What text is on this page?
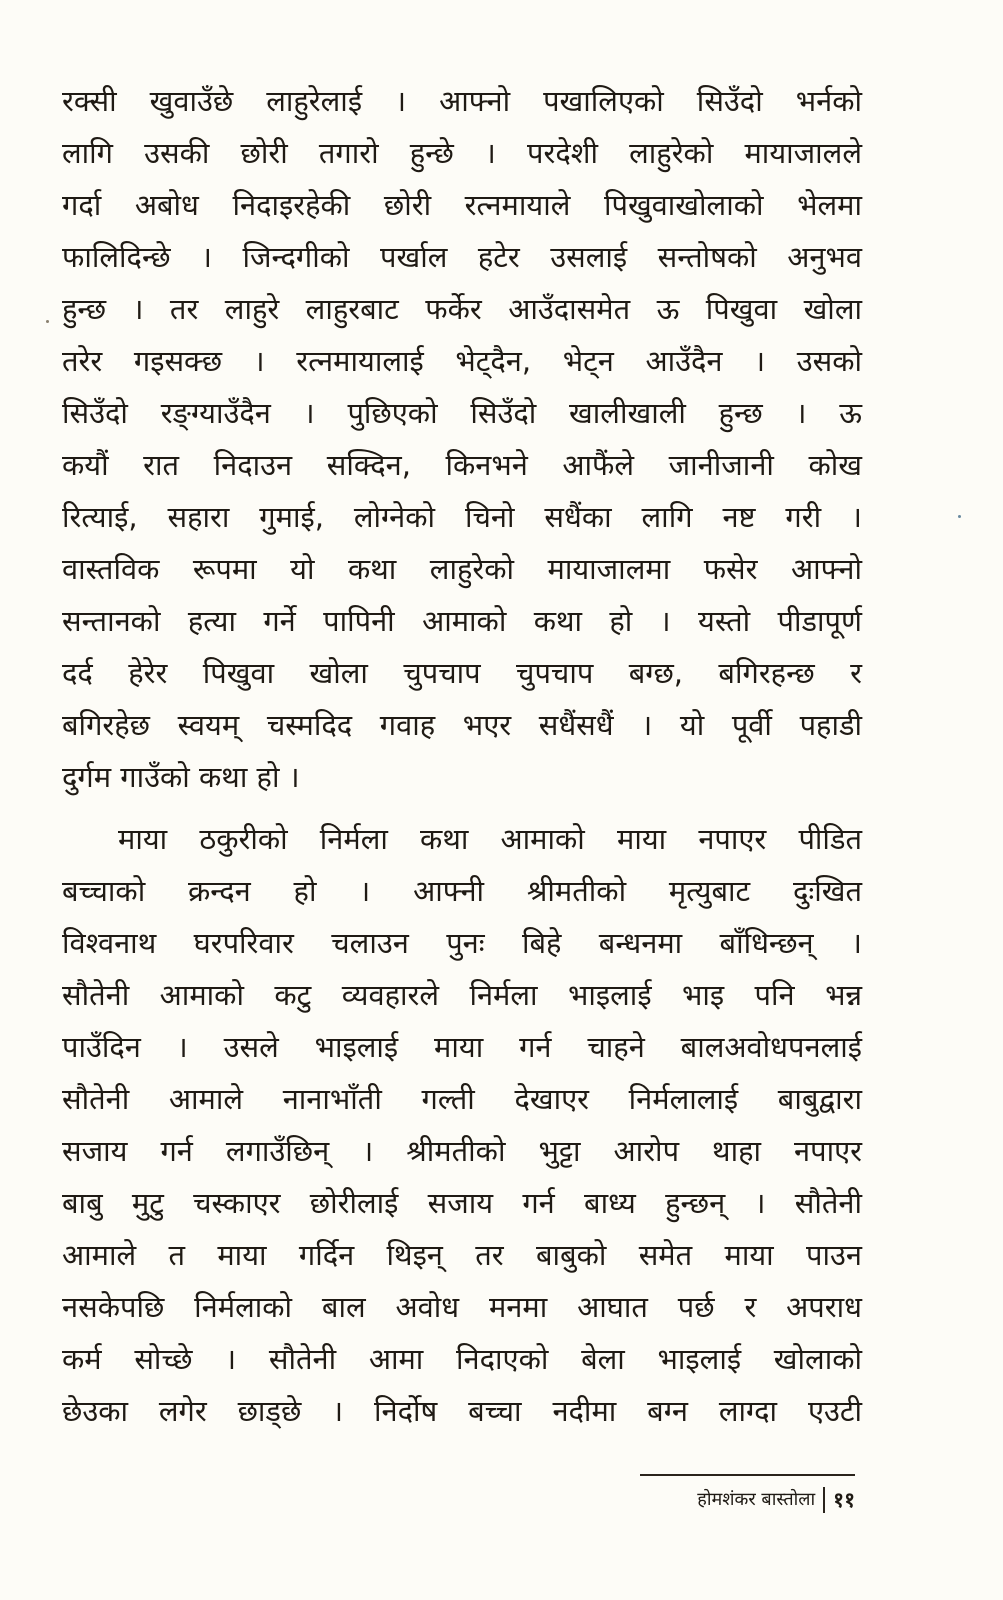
रक्सी खुवाउँछे लाहुरेलाई । आफ्नो पखालिएको सिउँदो भर्नको
लागि उसकी छोरी तगारो हुन्छे । परदेशी लाहुरेको मायाजालले
गर्दा अबोध निदाइरहेकी छोरी रत्नमायाले पिखुवाखोलाको भेलमा
फालिदिन्छे । जिन्दगीको पर्खाल हटेर उसलाई सन्तोषको अनुभव
हुन्छ । तर लाहुरे लाहुरबाट फर्केर आउँदासमेत ऊ पिखुवा खोला
तरेर गइसक्छ । रत्नमायालाई भेट्दैन, भेट्न आउँदैन । उसको
सिउँदो रङ्ग्याउँदैन । पुछिएको सिउँदो खालीखाली हुन्छ । ऊ
कयौं रात निदाउन सक्दिन, किनभने आफैंले जानीजानी कोख
रित्याई, सहारा गुमाई, लोग्नेको चिनो सधैंका लागि नष्ट गरी ।
वास्तविक रूपमा यो कथा लाहुरेको मायाजालमा फसेर आफ्नो
सन्तानको हत्या गर्ने पापिनी आमाको कथा हो । यस्तो पीडापूर्ण
दर्द हेरेर पिखुवा खोला चुपचाप चुपचाप बग्छ, बगिरहन्छ र
बगिरहेछ स्वयम् चस्मदिद गवाह भएर सधैंसधैं । यो पूर्वी पहाडी
दुर्गम गाउँको कथा हो ।
माया ठकुरीको निर्मला कथा आमाको माया नपाएर पीडित
बच्चाको क्रन्दन हो । आफ्नी श्रीमतीको मृत्युबाट दुःखित
विश्वनाथ घरपरिवार चलाउन पुनः बिहे बन्धनमा बाँधिन्छन् ।
सौतेनी आमाको कटु व्यवहारले निर्मला भाइलाई भाइ पनि भन्न
पाउँदिन । उसले भाइलाई माया गर्न चाहने बालअवोधपनलाई
सौतेनी आमाले नानाभाँती गल्ती देखाएर निर्मलालाई बाबुद्वारा
सजाय गर्न लगाउँछिन् । श्रीमतीको भुट्टा आरोप थाहा नपाएर
बाबु मुटु चस्काएर छोरीलाई सजाय गर्न बाध्य हुन्छन् । सौतेनी
आमाले त माया गर्दिन थिइन् तर बाबुको समेत माया पाउन
नसकेपछि निर्मलाको बाल अवोध मनमा आघात पर्छ र अपराध
कर्म सोच्छे । सौतेनी आमा निदाएको बेला भाइलाई खोलाको
छेउका लगेर छाड्छे । निर्दोष बच्चा नदीमा बग्न लाग्दा एउटी
होमशंकर बास्तोला ११
